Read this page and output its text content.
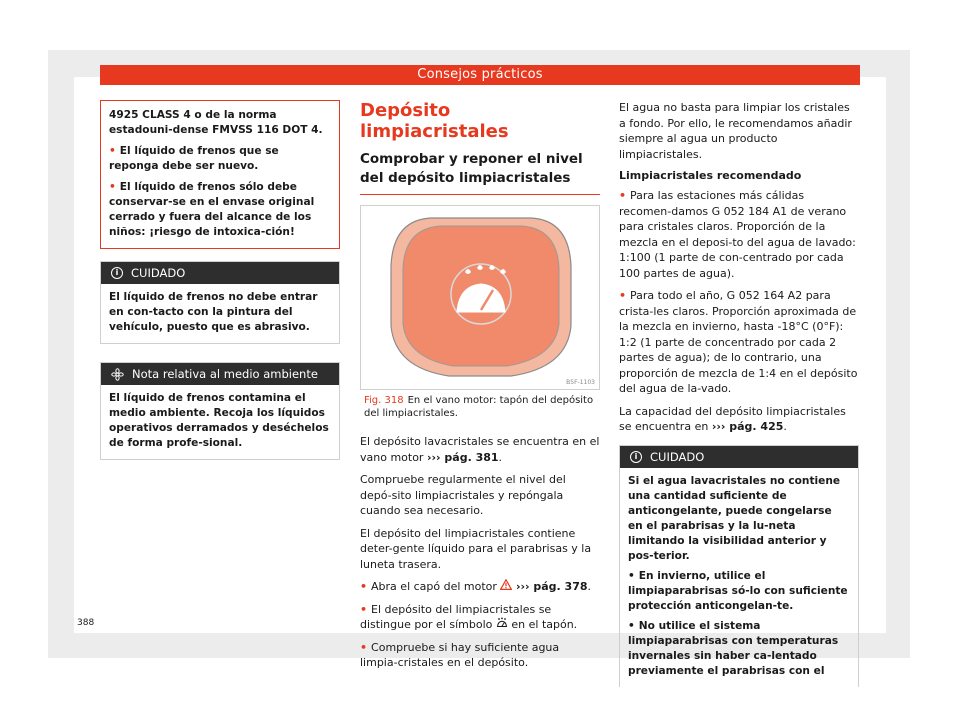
Consejos prácticos
4925 CLASS 4 o de la norma estadouni-dense FMVSS 116 DOT 4.
• El líquido de frenos que se reponga debe ser nuevo.
• El líquido de frenos sólo debe conservar-se en el envase original cerrado y fuera del alcance de los niños: ¡riesgo de intoxica-ción!
i	CUIDADO
El líquido de frenos no debe entrar en con-tacto con la pintura del vehículo, puesto que es abrasivo.
Nota relativa al medio ambiente
El líquido de frenos contamina el medio ambiente. Recoja los líquidos operativos derramados y deséchelos de forma profe-sional.
Depósito limpiacristales
Comprobar y reponer el nivel del depósito limpiacristales
B5F-1103
Fig. 318 En el vano motor: tapón del depósito del limpiacristales.
El depósito lavacristales se encuentra en el vano motor ››› pág. 381.
Compruebe regularmente el nivel del depó-sito limpiacristales y repóngala cuando sea necesario.
El depósito del limpiacristales contiene deter-gente líquido para el parabrisas y la luneta trasera.
• Abra el capó del motor ››› pág. 378.
• El depósito del limpiacristales se distingue por el símbolo en el tapón.
• Compruebe si hay suficiente agua limpia-cristales en el depósito.
El agua no basta para limpiar los cristales a fondo. Por ello, le recomendamos añadir siempre al agua un producto limpiacristales.
Limpiacristales recomendado
• Para las estaciones más cálidas recomen-damos G 052 184 A1 de verano para cristales claros. Proporción de la mezcla en el deposi-to del agua de lavado: 1:100 (1 parte de con-centrado por cada 100 partes de agua).
• Para todo el año, G 052 164 A2 para crista-les claros. Proporción aproximada de la mezcla en invierno, hasta -18°C (0°F): 1:2 (1 parte de concentrado por cada 2 partes de agua); de lo contrario, una proporción de mezcla de 1:4 en el depósito del agua de la-vado.
La capacidad del depósito limpiacristales se encuentra en ››› pág. 425.
i	CUIDADO
Si el agua lavacristales no contiene una cantidad suficiente de anticongelante, puede congelarse en el parabrisas y la lu-neta limitando la visibilidad anterior y pos-terior.
• En invierno, utilice el limpiaparabrisas só-lo con suficiente protección anticongelan-te.
• No utilice el sistema limpiaparabrisas con temperaturas invernales sin haber ca-lentado previamente el parabrisas con el
388
